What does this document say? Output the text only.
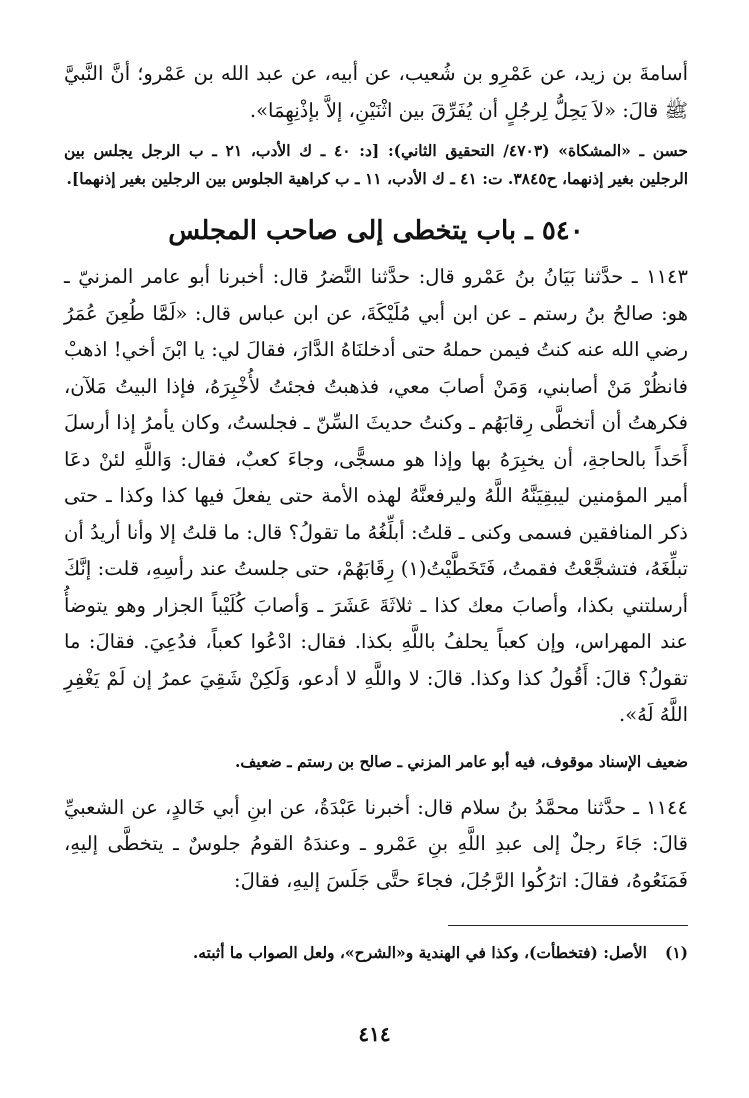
أسامةَ بن زيد، عن عَمْرِو بن شُعيب، عن أبيه، عن عبد الله بن عَمْرو؛ أنَّ النَّبيَّ ﷺ قالَ: «لاَ يَحِلُّ لِرجُلٍ أن يُفَرِّقَ بين اثْنَيْنِ، إلاَّ بإذْنِهِمَا».

حسن ـ «المشكاة» (٤٧٠٣/ التحقيق الثاني): [د: ٤٠ ـ ك الأدب، ٢١ ـ ب الرجل يجلس بين الرجلين بغير إذنهما، ح٣٨٤٥. ت: ٤١ ـ ك الأدب، ١١ ـ ب كراهية الجلوس بين الرجلين بغير إذنهما].

٥٤٠ ـ باب يتخطى إلى صاحب المجلس

١١٤٣ ـ حدَّثنا بَيَانُ بنُ عَمْرو قال: حدَّثنا النَّضرُ قال: أخبرنا أبو عامر المزنيّ ـ هو: صالحُ بنُ رستم ـ عن ابن أبي مُلَيْكَةَ، عن ابن عباس قال: «لَمَّا طُعِنَ عُمَرُ رضي الله عنه كنتُ فيمن حملهُ حتى أدخلنَاهُ الدَّارَ، فقالَ لي: يا ابْنَ أخي! اذهبْ فانظُرْ مَنْ أصابني، وَمَنْ أصابَ معي، فذهبتُ فجئتُ لأُخْبِرَهُ، فإذا البيتُ مَلآن، فكرهتُ أن أتخطَّى رِقابَهُم ـ وكنتُ حديثَ السِّنّ ـ فجلستُ، وكان يأمرُ إذا أرسلَ أَحَداً بالحاجةِ، أن يخبِرَهُ بها وإذا هو مسجًّى، وجاءَ كعبٌ، فقال: وَاللَّهِ لئنْ دعَا أمير المؤمنين ليبقِيَنَّهُ اللَّهُ وليرفعنَّهُ لهذه الأمة حتى يفعلَ فيها كذا وكذا ـ حتى ذكر المنافقين فسمى وكنى ـ قلتُ: أبلِّغُهُ ما تقولُ؟ قال: ما قلتُ إلا وأنا أريدُ أن تبلِّغَهُ، فتشجَّعْتُ فقمتُ، فَتَخَطَّيْتُ(١) رِقَابَهُمْ، حتى جلستُ عند رأسِهِ، قلت: إنَّكَ أرسلتني بكذا، وأصابَ معك كذا ـ ثلاثَةَ عَشَرَ ـ وَأصابَ كُلَيْباً الجزار وهو يتوضأُ عند المهراس، وإن كعباً يحلفُ باللَّهِ بكذا. فقال: ادْعُوا كعباً، فدُعِيَ. فقالَ: ما تقولُ؟ قالَ: أَقُولُ كذا وكذا. قالَ: لا واللَّهِ لا أدعو، وَلَكِنْ شَقِيَ عمرُ إن لَمْ يَغْفِرِ اللَّهُ لَهُ».

ضعيف الإسناد موقوف، فيه أبو عامر المزني ـ صالح بن رستم ـ ضعيف.

١١٤٤ ـ حدَّثنا محمَّدُ بنُ سلام قال: أخبرنا عَبْدَةُ، عن ابنِ أبي خَالدٍ، عن الشعبيِّ قالَ: جَاءَ رجلٌ إلى عبدِ اللَّهِ بنِ عَمْرو ـ وعندَهُ القومُ جلوسٌ ـ يتخطَّى إليهِ، فَمَنَعُوهُ، فقالَ: اترُكُوا الرَّجُلَ، فجاءَ حتَّى جَلَسَ إليهِ، فقالَ:

(١)الأصل: (فتخطأت)، وكذا في الهندية و«الشرح»، ولعل الصواب ما أثبته.

٤١٤
